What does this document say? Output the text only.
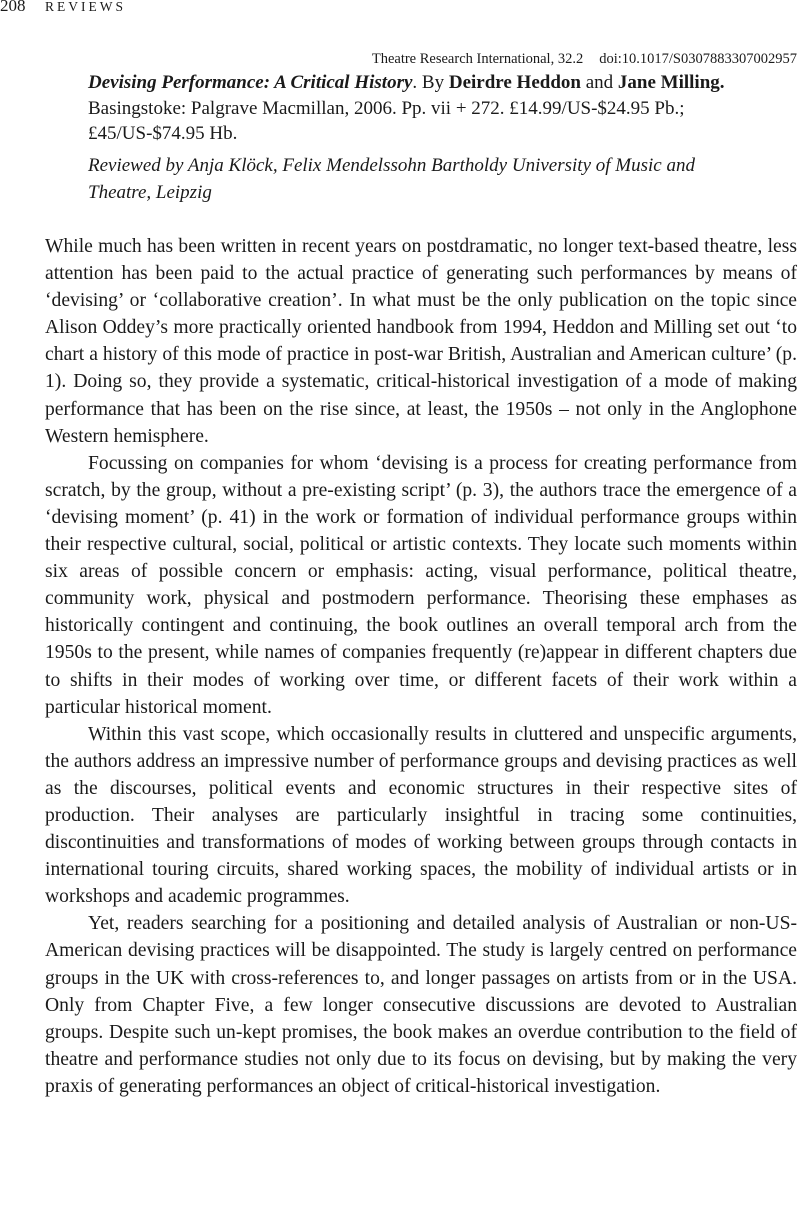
208 REVIEWS
Theatre Research International, 32.2 doi:10.1017/S0307883307002957
Devising Performance: A Critical History. By Deirdre Heddon and Jane Milling.
Basingstoke: Palgrave Macmillan, 2006. Pp. vii + 272. £14.99/US-$24.95 Pb.;
£45/US-$74.95 Hb.
Reviewed by Anja Klöck, Felix Mendelssohn Bartholdy University of Music and
Theatre, Leipzig

While much has been written in recent years on postdramatic, no longer text-based theatre, less attention has been paid to the actual practice of generating such performances by means of ‘devising’ or ‘collaborative creation’. In what must be the only publication on the topic since Alison Oddey’s more practically oriented handbook from 1994, Heddon and Milling set out ‘to chart a history of this mode of practice in post-war British, Australian and American culture’ (p. 1). Doing so, they provide a systematic, critical-historical investigation of a mode of making performance that has been on the rise since, at least, the 1950s – not only in the Anglophone Western hemisphere.

Focussing on companies for whom ‘devising is a process for creating performance from scratch, by the group, without a pre-existing script’ (p. 3), the authors trace the emergence of a ‘devising moment’ (p. 41) in the work or formation of individual performance groups within their respective cultural, social, political or artistic contexts. They locate such moments within six areas of possible concern or emphasis: acting, visual performance, political theatre, community work, physical and postmodern performance. Theorising these emphases as historically contingent and continuing, the book outlines an overall temporal arch from the 1950s to the present, while names of companies frequently (re)appear in different chapters due to shifts in their modes of working over time, or different facets of their work within a particular historical moment.

Within this vast scope, which occasionally results in cluttered and unspecific arguments, the authors address an impressive number of performance groups and devising practices as well as the discourses, political events and economic structures in their respective sites of production. Their analyses are particularly insightful in tracing some continuities, discontinuities and transformations of modes of working between groups through contacts in international touring circuits, shared working spaces, the mobility of individual artists or in workshops and academic programmes.

Yet, readers searching for a positioning and detailed analysis of Australian or non-US-American devising practices will be disappointed. The study is largely centred on performance groups in the UK with cross-references to, and longer passages on artists from or in the USA. Only from Chapter Five, a few longer consecutive discussions are devoted to Australian groups. Despite such un-kept promises, the book makes an overdue contribution to the field of theatre and performance studies not only due to its focus on devising, but by making the very praxis of generating performances an object of critical-historical investigation.
